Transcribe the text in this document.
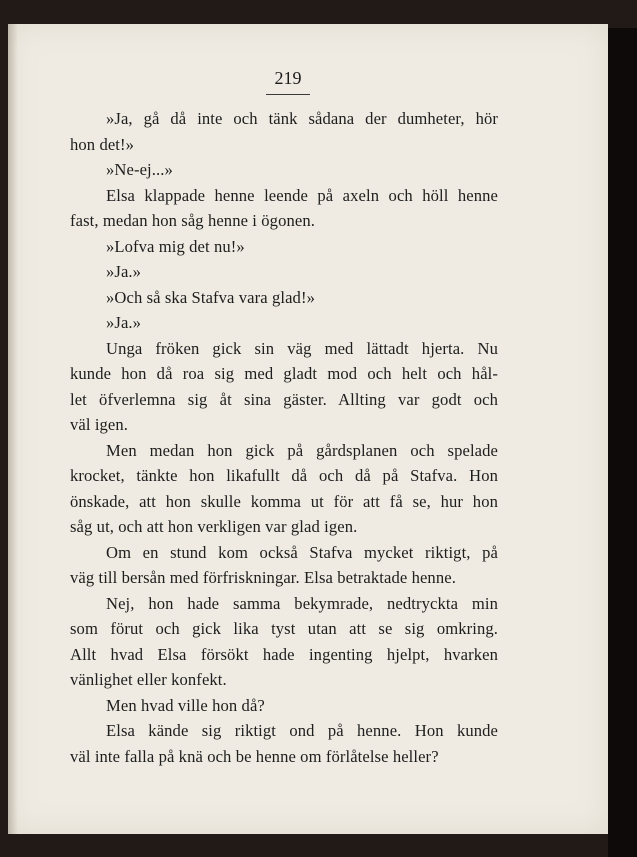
219
»Ja, gå då inte och tänk sådana der dumheter, hör
hon det!»
»Ne-ej...»
Elsa klappade henne leende på axeln och höll henne
fast, medan hon såg henne i ögonen.
»Lofva mig det nu!»
»Ja.»
»Och så ska Stafva vara glad!»
»Ja.»
Unga fröken gick sin väg med lättadt hjerta. Nu
kunde hon då roa sig med gladt mod och helt och hål-
let öfverlemna sig åt sina gäster. Allting var godt och
väl igen.
Men medan hon gick på gårdsplanen och spelade
krocket, tänkte hon likafullt då och då på Stafva. Hon
önskade, att hon skulle komma ut för att få se, hur hon
såg ut, och att hon verkligen var glad igen.
Om en stund kom också Stafva mycket riktigt, på
väg till bersån med förfriskningar. Elsa betraktade henne.
Nej, hon hade samma bekymrade, nedtryckta min
som förut och gick lika tyst utan att se sig omkring.
Allt hvad Elsa försökt hade ingenting hjelpt, hvarken
vänlighet eller konfekt.
Men hvad ville hon då?
Elsa kände sig riktigt ond på henne. Hon kunde
väl inte falla på knä och be henne om förlåtelse heller?
